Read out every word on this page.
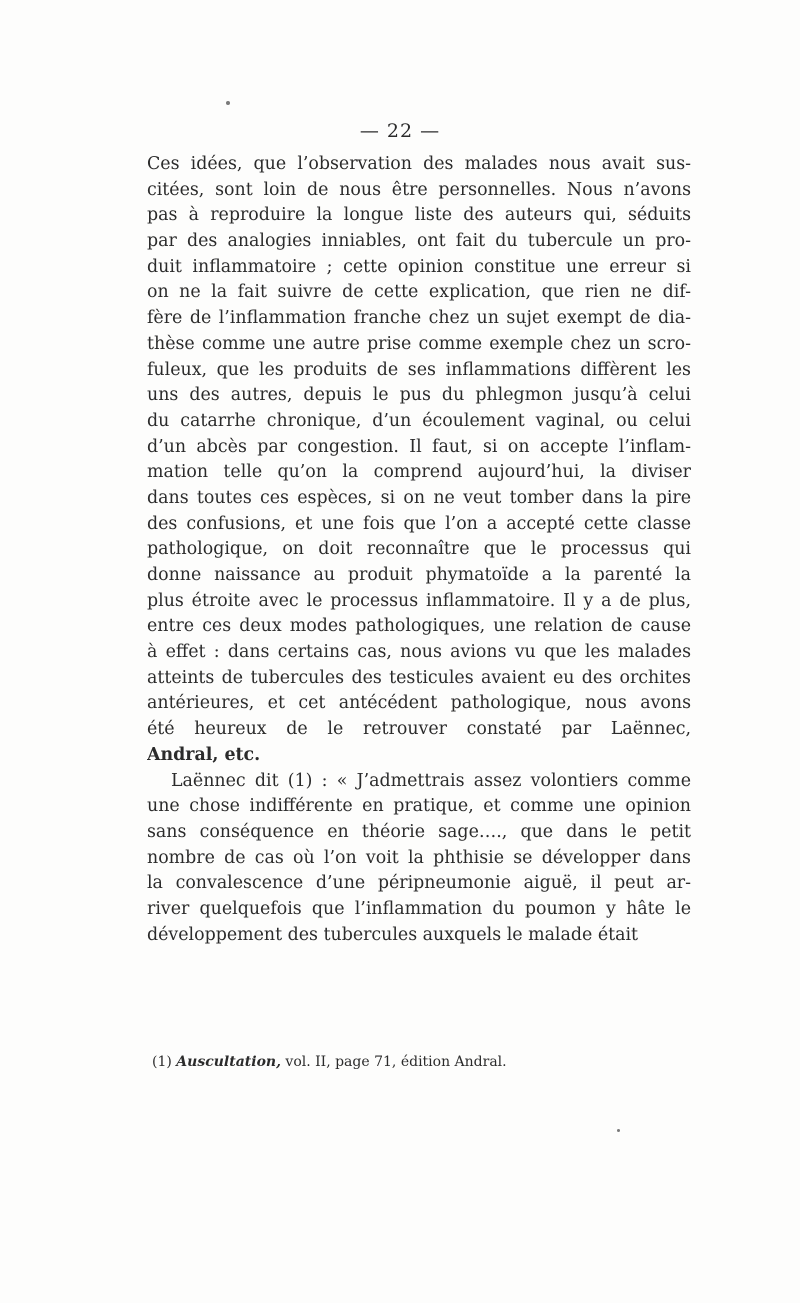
— 22 —
Ces idées, que l’observation des malades nous avait sus-
citées, sont loin de nous être personnelles. Nous n’avons
pas à reproduire la longue liste des auteurs qui, séduits
par des analogies inniables, ont fait du tubercule un pro-
duit inflammatoire ; cette opinion constitue une erreur si
on ne la fait suivre de cette explication, que rien ne dif-
fère de l’inflammation franche chez un sujet exempt de dia-
thèse comme une autre prise comme exemple chez un scro-
fuleux, que les produits de ses inflammations diffèrent les
uns des autres, depuis le pus du phlegmon jusqu’à celui
du catarrhe chronique, d’un écoulement vaginal, ou celui
d’un abcès par congestion. Il faut, si on accepte l’inflam-
mation telle qu’on la comprend aujourd’hui, la diviser
dans toutes ces espèces, si on ne veut tomber dans la pire
des confusions, et une fois que l’on a accepté cette classe
pathologique, on doit reconnaître que le processus qui
donne naissance au produit phymatoïde a la parenté la
plus étroite avec le processus inflammatoire. Il y a de plus,
entre ces deux modes pathologiques, une relation de cause
à effet : dans certains cas, nous avions vu que les malades
atteints de tubercules des testicules avaient eu des orchites
antérieures, et cet antécédent pathologique, nous avons
été heureux de le retrouver constaté par Laënnec,
Andral, etc.
Laënnec dit (1) : « J’admettrais assez volontiers comme
une chose indifférente en pratique, et comme une opinion
sans conséquence en théorie sage…., que dans le petit
nombre de cas où l’on voit la phthisie se développer dans
la convalescence d’une péripneumonie aiguë, il peut ar-
river quelquefois que l’inflammation du poumon y hâte le
développement des tubercules auxquels le malade était
(1) Auscultation, vol. II, page 71, édition Andral.
